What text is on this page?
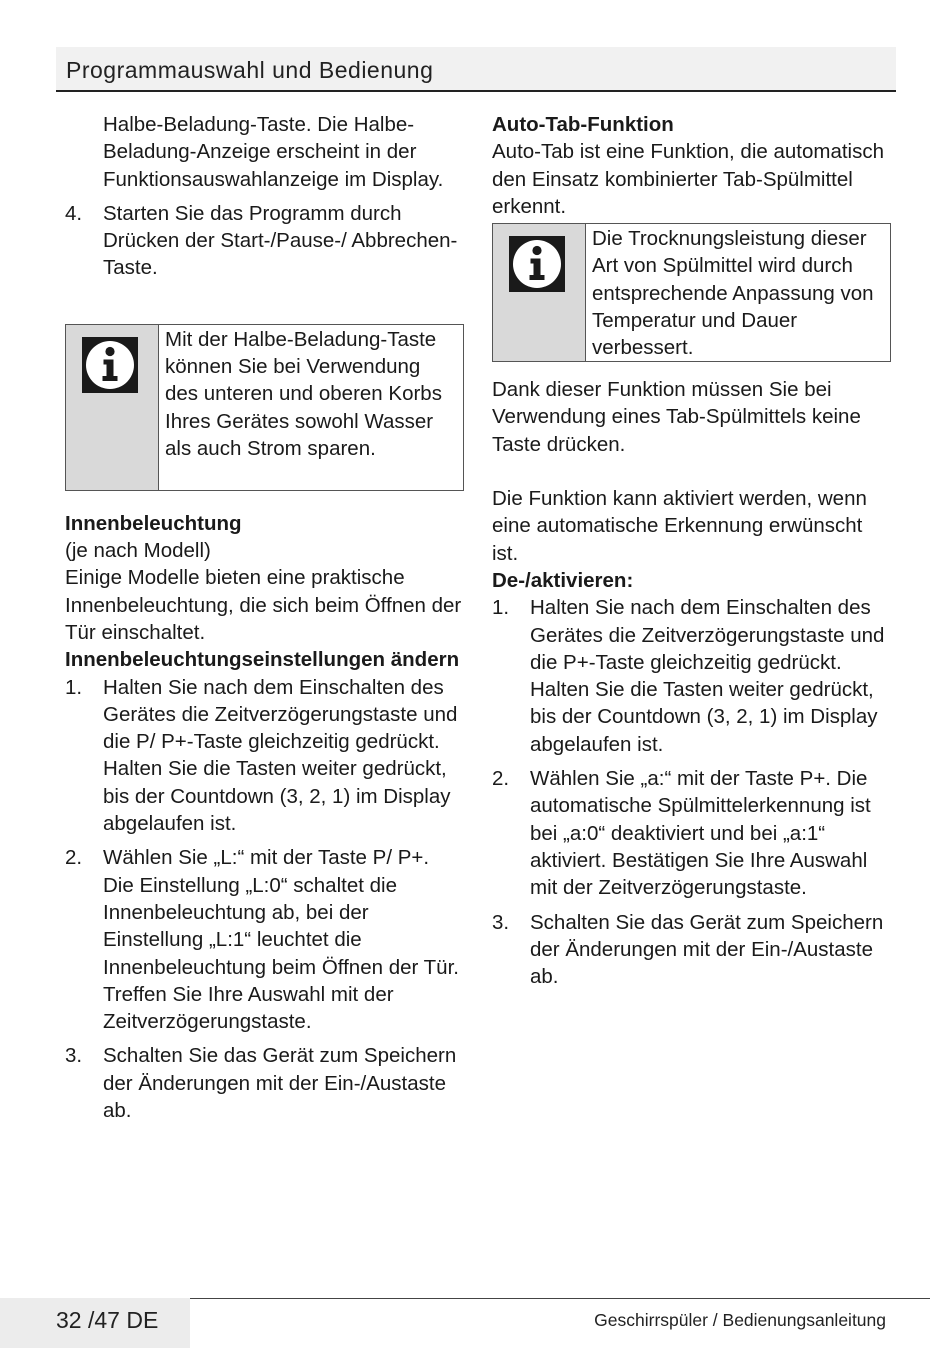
Programmauswahl und Bedienung

Halbe-Beladung-Taste. Die Halbe-Beladung-Anzeige erscheint in der Funktionsauswahlanzeige im Display.

4. Starten Sie das Programm durch Drücken der Start-/Pause-/ Abbrechen-Taste.
Mit der Halbe-Beladung-Taste können Sie bei Verwendung des unteren und oberen Korbs Ihres Gerätes sowohl Wasser als auch Strom sparen.

Innenbeleuchtung

(je nach Modell)

Einige Modelle bieten eine praktische Innenbeleuchtung, die sich beim Öffnen der Tür einschaltet.

Innenbeleuchtungseinstellungen ändern

1. Halten Sie nach dem Einschalten des Gerätes die Zeitverzögerungstaste und die P/ P+-Taste gleichzeitig gedrückt. Halten Sie die Tasten weiter gedrückt, bis der Countdown (3, 2, 1) im Display abgelaufen ist.
2. Wählen Sie „L:“ mit der Taste P/ P+. Die Einstellung „L:0“ schaltet die Innenbeleuchtung ab, bei der Einstellung „L:1“ leuchtet die Innenbeleuchtung beim Öffnen der Tür. Treffen Sie Ihre Auswahl mit der Zeitverzögerungstaste.
3. Schalten Sie das Gerät zum Speichern der Änderungen mit der Ein-/Austaste ab.

Auto-Tab-Funktion

Auto-Tab ist eine Funktion, die automatisch den Einsatz kombinierter Tab-Spülmittel erkennt.

Die Trocknungsleistung dieser Art von Spülmittel wird durch entsprechende Anpassung von Temperatur und Dauer verbessert.

Dank dieser Funktion müssen Sie bei Verwendung eines Tab-Spülmittels keine Taste drücken.

Die Funktion kann aktiviert werden, wenn eine automatische Erkennung erwünscht ist.

De-/aktivieren:

1. Halten Sie nach dem Einschalten des Gerätes die Zeitverzögerungstaste und die P+-Taste gleichzeitig gedrückt. Halten Sie die Tasten weiter gedrückt, bis der Countdown (3, 2, 1) im Display abgelaufen ist.
2. Wählen Sie „a:“ mit der Taste P+. Die automatische Spülmittelerkennung ist bei „a:0“ deaktiviert und bei „a:1“ aktiviert. Bestätigen Sie Ihre Auswahl mit der Zeitverzögerungstaste.
3. Schalten Sie das Gerät zum Speichern der Änderungen mit der Ein-/Austaste ab.
32 /47 DE	Geschirrspüler / Bedienungsanleitung
